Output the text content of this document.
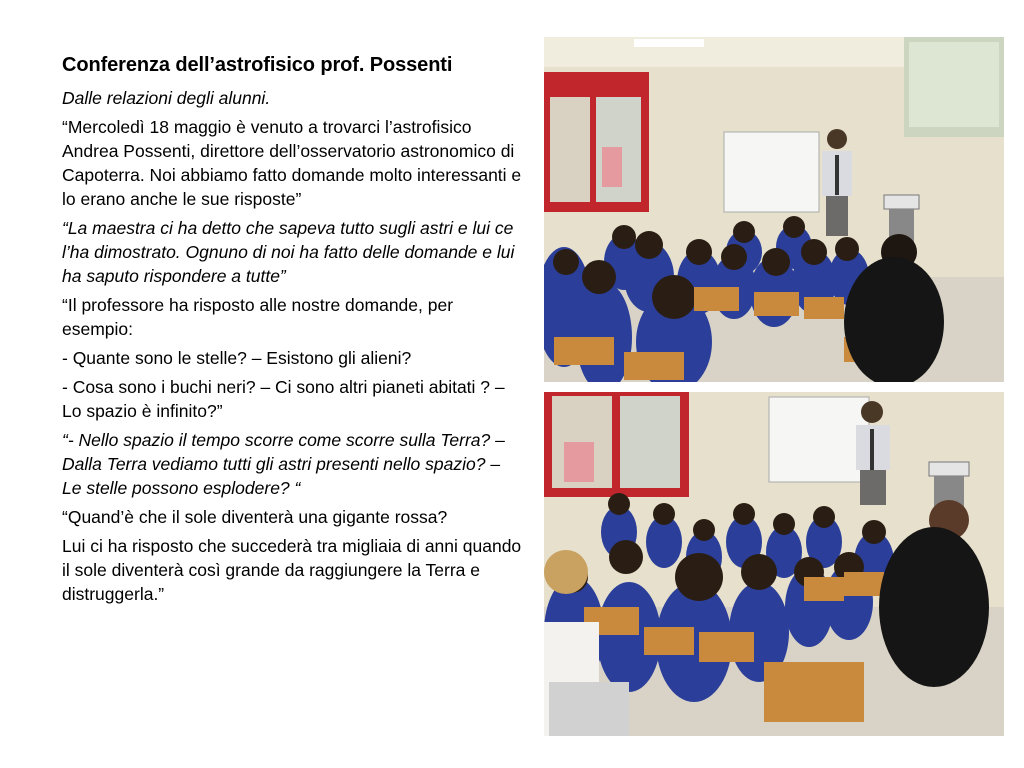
Conferenza dell’astrofisico prof. Possenti

Dalle relazioni degli alunni.

“Mercoledì 18 maggio è venuto a trovarci l’astrofisico Andrea Possenti, direttore dell’osservatorio astronomico di Capoterra. Noi abbiamo fatto domande molto interessanti e lo erano anche le sue risposte”

“La maestra ci ha detto che sapeva tutto sugli astri e lui ce l’ha dimostrato. Ognuno di noi ha fatto delle domande e lui ha saputo rispondere a tutte”

“Il professore ha risposto alle nostre domande, per esempio:

- Quante sono le stelle? – Esistono gli alieni?

- Cosa sono i buchi neri? – Ci sono altri pianeti abitati ? – Lo spazio è infinito?”

“- Nello spazio il tempo scorre come scorre sulla Terra? – Dalla Terra vediamo tutti gli astri presenti nello spazio? – Le stelle possono esplodere? “

“Quand’è che il sole diventerà una gigante rossa?

Lui ci ha risposto che succederà tra migliaia di anni quando il sole diventerà così grande da raggiungere la Terra e distruggerla.”
